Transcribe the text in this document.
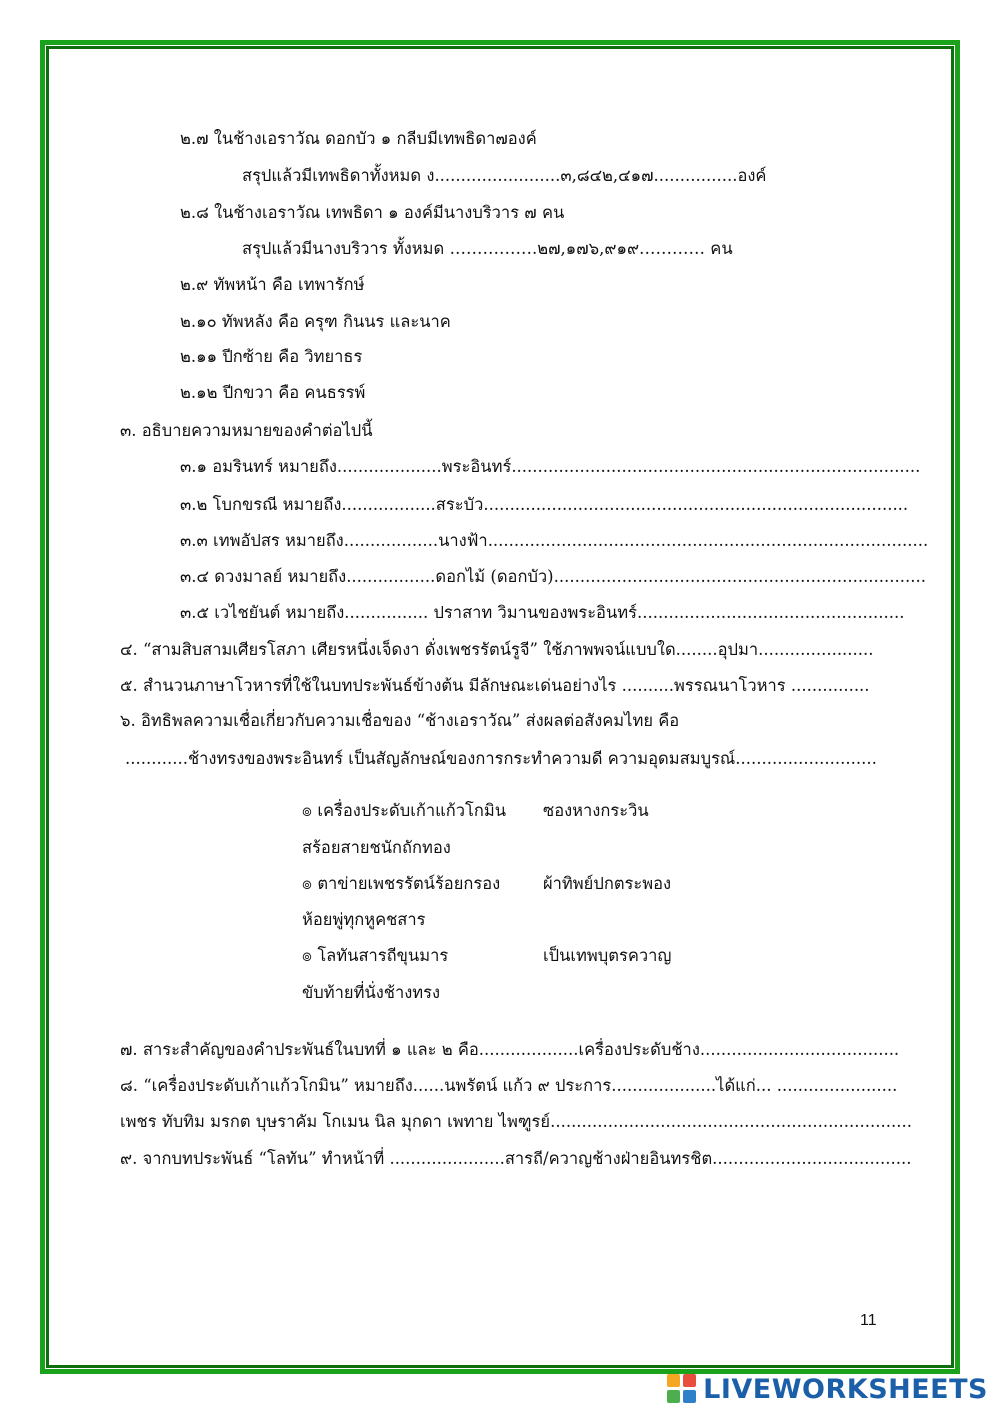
๒.๗ ในช้างเอราวัณ ดอกบัว ๑ กลีบมีเทพธิดา๗องค์
สรุปแล้วมีเทพธิดาทั้งหมด ง........................๓,๘๔๒,๔๑๗................องค์
๒.๘ ในช้างเอราวัณ เทพธิดา ๑ องค์มีนางบริวาร ๗ คน
สรุปแล้วมีนางบริวาร ทั้งหมด …………….๒๗,๑๗๖,๙๑๙………… คน
๒.๙ ทัพหน้า คือ เทพารักษ์
๒.๑๐ ทัพหลัง คือ ครุฑ กินนร และนาค
๒.๑๑ ปีกซ้าย คือ วิทยาธร
๒.๑๒ ปีกขวา คือ คนธรรพ์
๓. อธิบายความหมายของคำต่อไปนี้
๓.๑ อมรินทร์ หมายถึง....................พระอินทร์..............................................................................
๓.๒ โบกขรณี หมายถึง..................สระบัว.................................................................................
๓.๓ เทพอัปสร หมายถึง..................นางฟ้า....................................................................................
๓.๔ ดวงมาลย์ หมายถึง.................ดอกไม้ (ดอกบัว).......................................................................
๓.๕ เวไชยันต์ หมายถึง................ ปราสาท วิมานของพระอินทร์...................................................
๔. “สามสิบสามเศียรโสภา เศียรหนึ่งเจ็ดงา ดั่งเพชรรัตน์รูจี” ใช้ภาพพจน์แบบใด........อุปมา......................
๕. สำนวนภาษาโวหารที่ใช้ในบทประพันธ์ข้างต้น มีลักษณะเด่นอย่างไร ..........พรรณนาโวหาร ...............
๖. อิทธิพลความเชื่อเกี่ยวกับความเชื่อของ “ช้างเอราวัณ” ส่งผลต่อสังคมไทย คือ
............ช้างทรงของพระอินทร์ เป็นสัญลักษณ์ของการกระทำความดี ความอุดมสมบูรณ์...........................
๏ เครื่องประดับเก้าแก้วโกมิน ซองหางกระวิน
สร้อยสายชนักถักทอง
๏ ตาข่ายเพชรรัตน์ร้อยกรอง	ผ้าทิพย์ปกตระพอง
ห้อยพู่ทุกหูคชสาร
๏ โลทันสารถีขุนมาร	เป็นเทพบุตรควาญ
ขับท้ายที่นั่งช้างทรง
๗. สาระสำคัญของคำประพันธ์ในบทที่ ๑ และ ๒ คือ...................เครื่องประดับช้าง......................................
๘. “เครื่องประดับเก้าแก้วโกมิน” หมายถึง......นพรัตน์ แก้ว ๙ ประการ....................ได้แก่... .......................
เพชร ทับทิม มรกต บุษราคัม โกเมน นิล มุกดา เพทาย ไพฑูรย์.....................................................................
๙. จากบทประพันธ์ “โลทัน” ทำหน้าที่ ......................สารถี/ควาญช้างฝ่ายอินทรชิต......................................
11
LIVEWORKSHEETS
